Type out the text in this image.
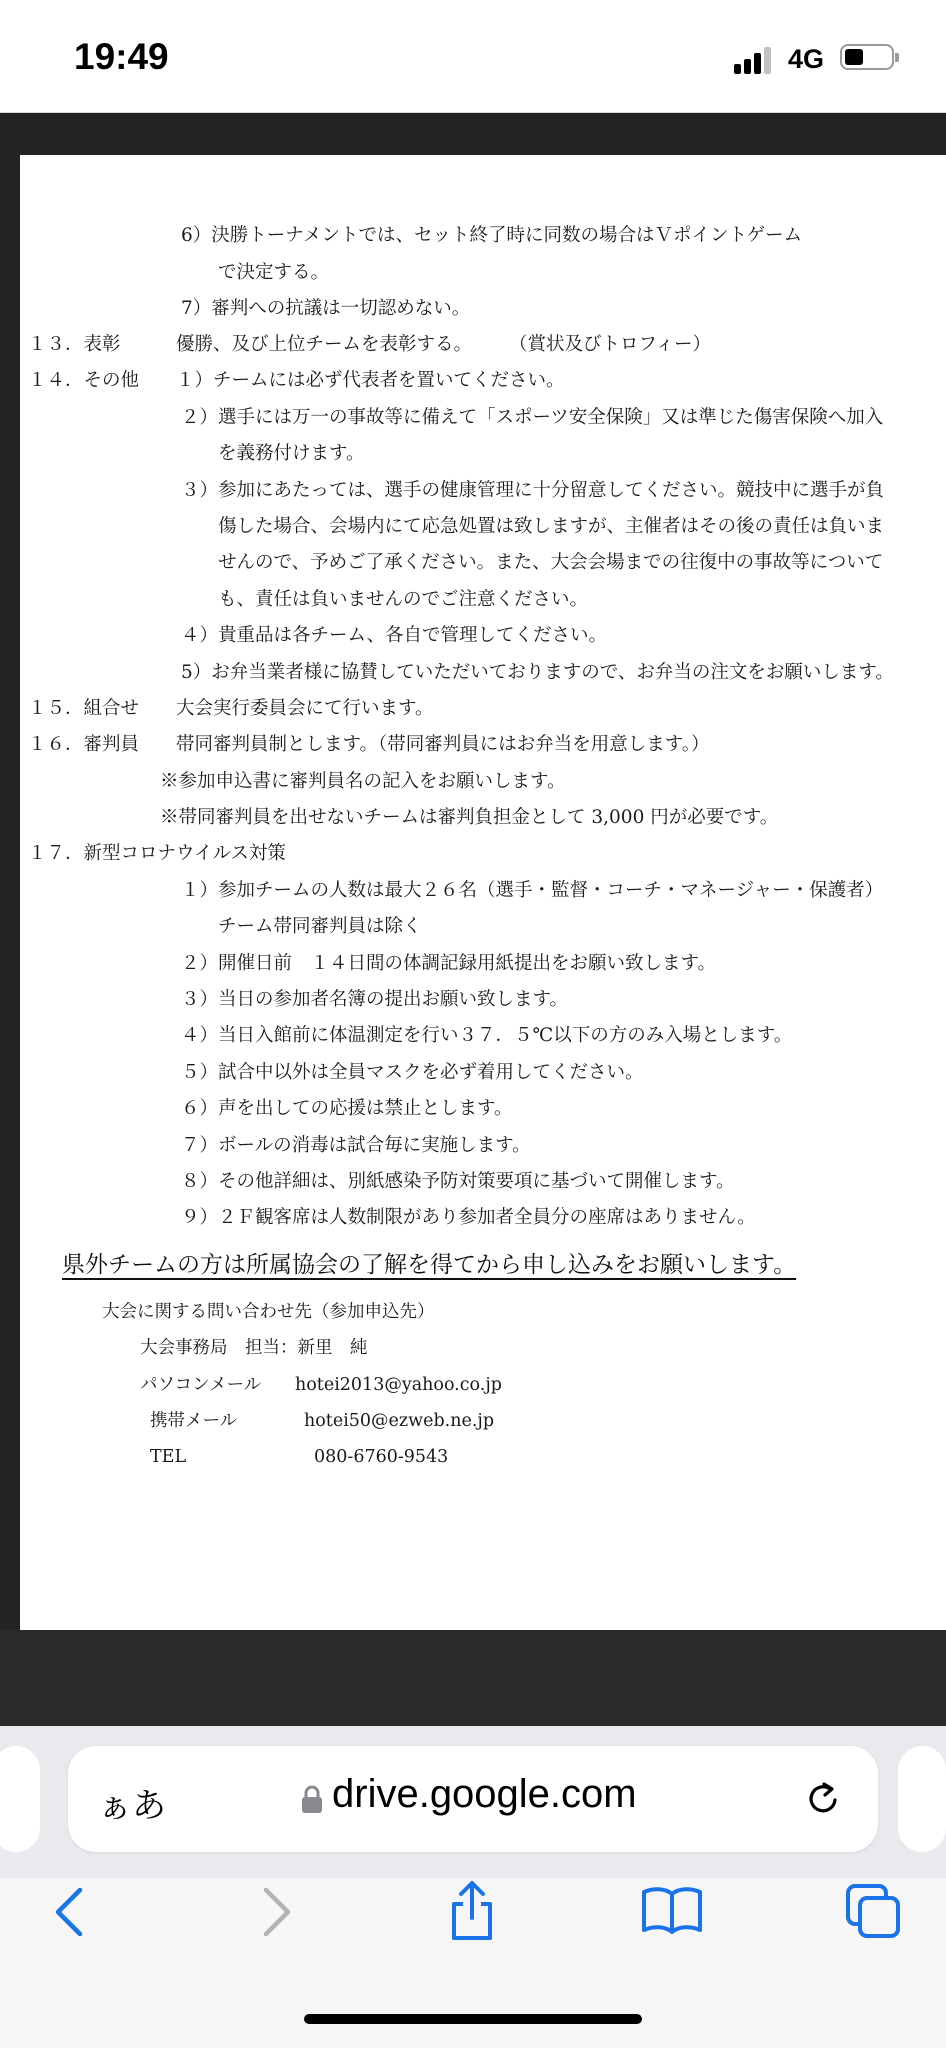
19:49	4G
6）決勝トーナメントでは、セット終了時に同数の場合はＶポイントゲーム
で決定する。
7）審判への抗議は一切認めない。
１３．表彰　　　優勝、及び上位チームを表彰する。　　　（賞状及びトロフィー）
１４．その他　　１）チームには必ず代表者を置いてください。
２）選手には万一の事故等に備えて「スポーツ安全保険」又は準じた傷害保険へ加入
を義務付けます。
３）参加にあたっては、選手の健康管理に十分留意してください。競技中に選手が負
傷した場合、会場内にて応急処置は致しますが、主催者はその後の責任は負いま
せんので、予めご了承ください。また、大会会場までの往復中の事故等について
も、責任は負いませんのでご注意ください。
４）貴重品は各チーム、各自で管理してください。
5）お弁当業者様に協賛していただいておりますので、お弁当の注文をお願いします。
１５．組合せ　　大会実行委員会にて行います。
１６．審判員　　帯同審判員制とします。（帯同審判員にはお弁当を用意します。）
※参加申込書に審判員名の記入をお願いします。
※帯同審判員を出せないチームは審判負担金として 3,000 円が必要です。
１７．新型コロナウイルス対策
１）参加チームの人数は最大２６名（選手・監督・コーチ・マネージャー・保護者）
チーム帯同審判員は除く
２）開催日前　１４日間の体調記録用紙提出をお願い致します。
３）当日の参加者名簿の提出お願い致します。
４）当日入館前に体温測定を行い３７．５℃以下の方のみ入場とします。
５）試合中以外は全員マスクを必ず着用してください。
６）声を出しての応援は禁止とします。
７）ボールの消毒は試合毎に実施します。
８）その他詳細は、別紙感染予防対策要項に基づいて開催します。
９）２Ｆ観客席は人数制限があり参加者全員分の座席はありません。
県外チームの方は所属協会の了解を得てから申し込みをお願いします。
大会に関する問い合わせ先（参加申込先）
大会事務局　担当：新里　純
パソコンメール hotei2013@yahoo.co.jp
携帯メール	hotei50@ezweb.ne.jp
TEL	080-6760-9543
ぁあ	drive.google.com
